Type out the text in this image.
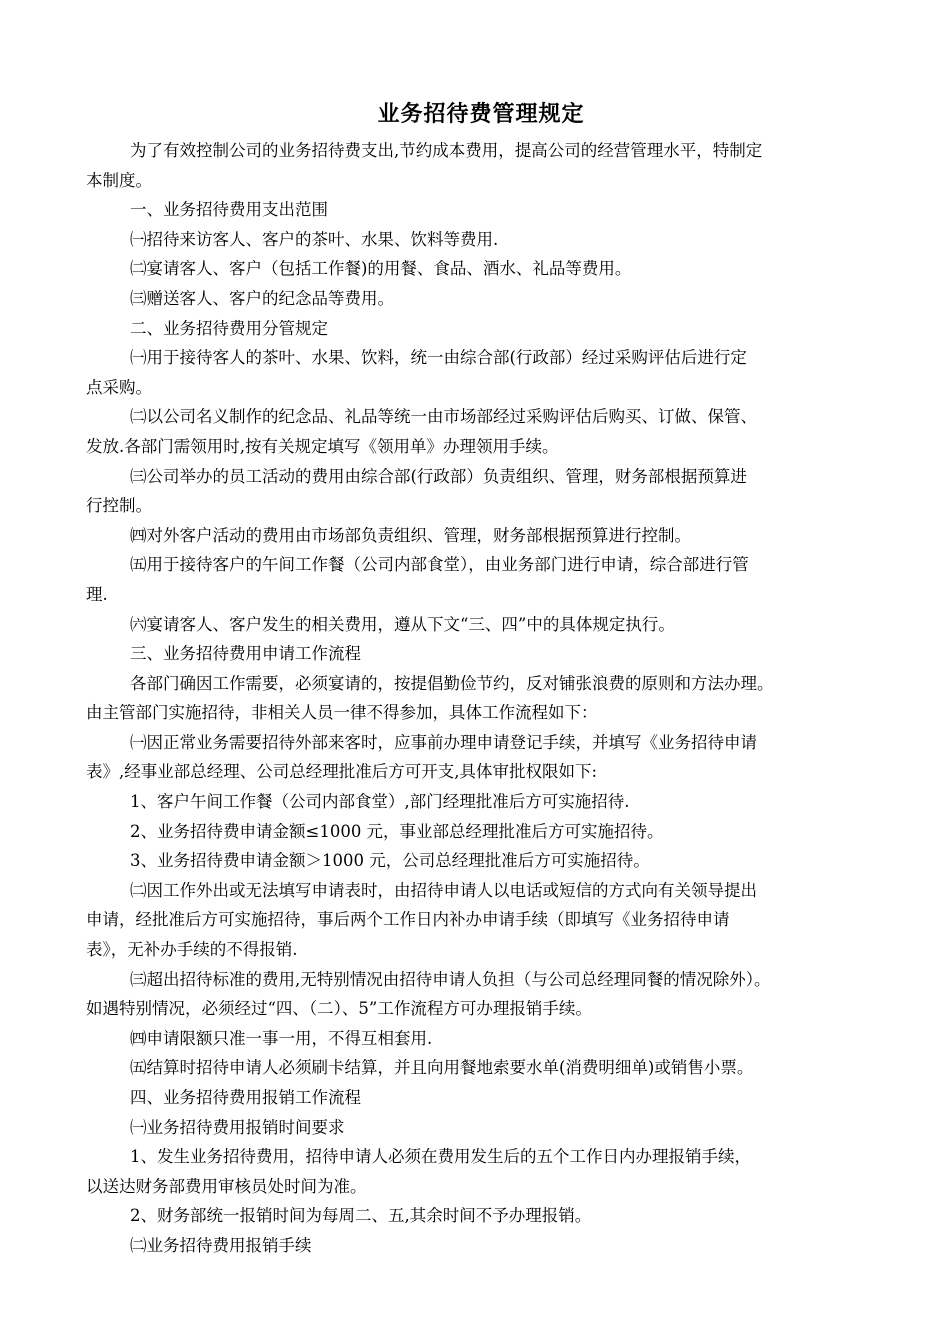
业务招待费管理规定

为了有效控制公司的业务招待费支出,节约成本费用，提高公司的经营管理水平，特制定

本制度。

一、业务招待费用支出范围

㈠招待来访客人、客户的茶叶、水果、饮料等费用.

㈡宴请客人、客户（包括工作餐)的用餐、食品、酒水、礼品等费用。

㈢赠送客人、客户的纪念品等费用。

二、业务招待费用分管规定

㈠用于接待客人的茶叶、水果、饮料，统一由综合部(行政部）经过采购评估后进行定

点采购。

㈡以公司名义制作的纪念品、礼品等统一由市场部经过采购评估后购买、订做、保管、

发放.各部门需领用时,按有关规定填写《领用单》办理领用手续。

㈢公司举办的员工活动的费用由综合部(行政部）负责组织、管理，财务部根据预算进

行控制。

㈣对外客户活动的费用由市场部负责组织、管理，财务部根据预算进行控制。

㈤用于接待客户的午间工作餐（公司内部食堂），由业务部门进行申请，综合部进行管

理.

㈥宴请客人、客户发生的相关费用，遵从下文“三、四”中的具体规定执行。

三、业务招待费用申请工作流程

各部门确因工作需要，必须宴请的，按提倡勤俭节约，反对铺张浪费的原则和方法办理。

由主管部门实施招待，非相关人员一律不得参加，具体工作流程如下：

㈠因正常业务需要招待外部来客时，应事前办理申请登记手续，并填写《业务招待申请

表》,经事业部总经理、公司总经理批准后方可开支,具体审批权限如下:

1、客户午间工作餐（公司内部食堂）,部门经理批准后方可实施招待.

2、业务招待费申请金额≤1000 元，事业部总经理批准后方可实施招待。

3、业务招待费申请金额＞1000 元，公司总经理批准后方可实施招待。

㈡因工作外出或无法填写申请表时，由招待申请人以电话或短信的方式向有关领导提出

申请，经批准后方可实施招待，事后两个工作日内补办申请手续（即填写《业务招待申请

表》，无补办手续的不得报销.

㈢超出招待标准的费用,无特别情况由招待申请人负担（与公司总经理同餐的情况除外）。

如遇特别情况，必须经过“四、（二）、5”工作流程方可办理报销手续。

㈣申请限额只准一事一用，不得互相套用.

㈤结算时招待申请人必须刷卡结算，并且向用餐地索要水单(消费明细单)或销售小票。

四、业务招待费用报销工作流程

㈠业务招待费用报销时间要求

1、发生业务招待费用，招待申请人必须在费用发生后的五个工作日内办理报销手续，

以送达财务部费用审核员处时间为准。

2、财务部统一报销时间为每周二、五,其余时间不予办理报销。

㈡业务招待费用报销手续
